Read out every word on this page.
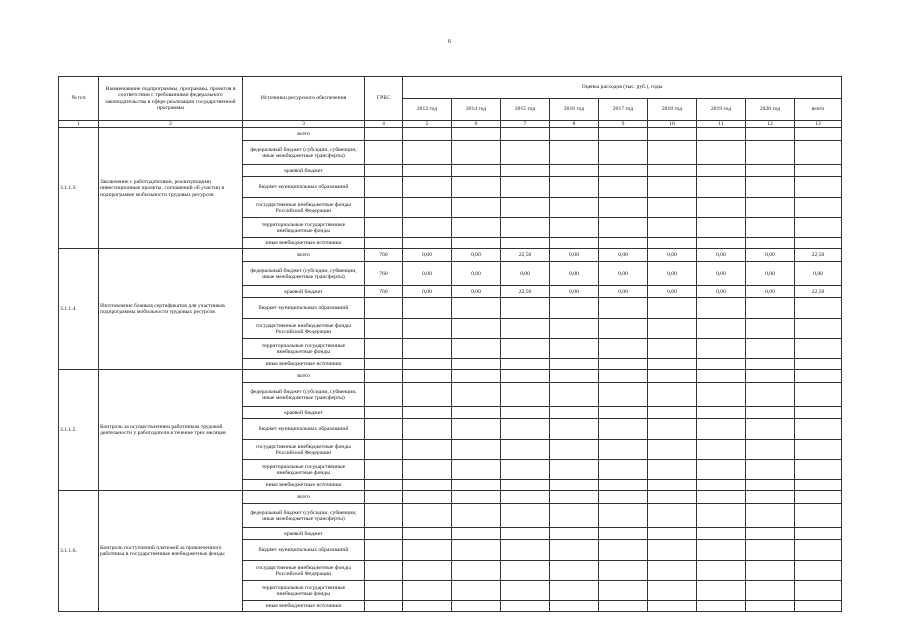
6
№ п/п	Наименование подпрограммы, программы, проектов в соответствии с требованиями федерального законодательства в сфере реализации государственной программы	Источники ресурсного обеспечения	ГРБС	Оценка расходов (тыс. руб.), годы								
				2013 год	2014 год	2015 год	2016 год	2017 год	2018 год	2019 год	2020 год	всего
1	2	3	4	5	6	7	8	9	10	11	12	13
3.1.1.3.	Заключение с работодателями, реализующими инвестиционные проекты, соглашений об участии в подпрограмме мобильности трудовых ресурсов	всего										
		федеральный бюджет (субсидии, субвенции, иные межбюджетные трансферты)										
		краевой бюджет										
		бюджет муниципальных образований										
		государственные внебюджетные фонды Российской Федерации										
		территориальные государственные внебюджетные фонды										
		иные внебюджетные источники										
3.1.1.4.	Изготовление бланков сертификатов для участников подпрограммы мобильности трудовых ресурсов	всего	760	0,00	0,00	22,50	0,00	0,00	0,00	0,00	0,00	22,50
		федеральный бюджет (субсидии, субвенции, иные межбюджетные трансферты)	760	0,00	0,00	0,00	0,00	0,00	0,00	0,00	0,00	0,00
		краевой бюджет	760	0,00	0,00	22,50	0,00	0,00	0,00	0,00	0,00	22,50
		бюджет муниципальных образований										
		государственные внебюджетные фонды Российской Федерации										
		территориальные государственные внебюджетные фонды										
		иные внебюджетные источники										
3.1.1.5.	Контроль за осуществлением работником трудовой деятельности у работодателя в течение трех месяцев	всего										
		федеральный бюджет (субсидии, субвенции, иные межбюджетные трансферты)										
		краевой бюджет										
		бюджет муниципальных образований										
		государственные внебюджетные фонды Российской Федерации										
		территориальные государственные внебюджетные фонды										
		иные внебюджетные источники										
3.1.1.6.	Контроль поступлений платежей за привлеченного работника в государственные внебюджетные фонды	всего										
		федеральный бюджет (субсидии, субвенции, иные межбюджетные трансферты)										
		краевой бюджет										
		бюджет муниципальных образований										
		государственные внебюджетные фонды Российской Федерации										
		территориальные государственные внебюджетные фонды										
		иные внебюджетные источники										
